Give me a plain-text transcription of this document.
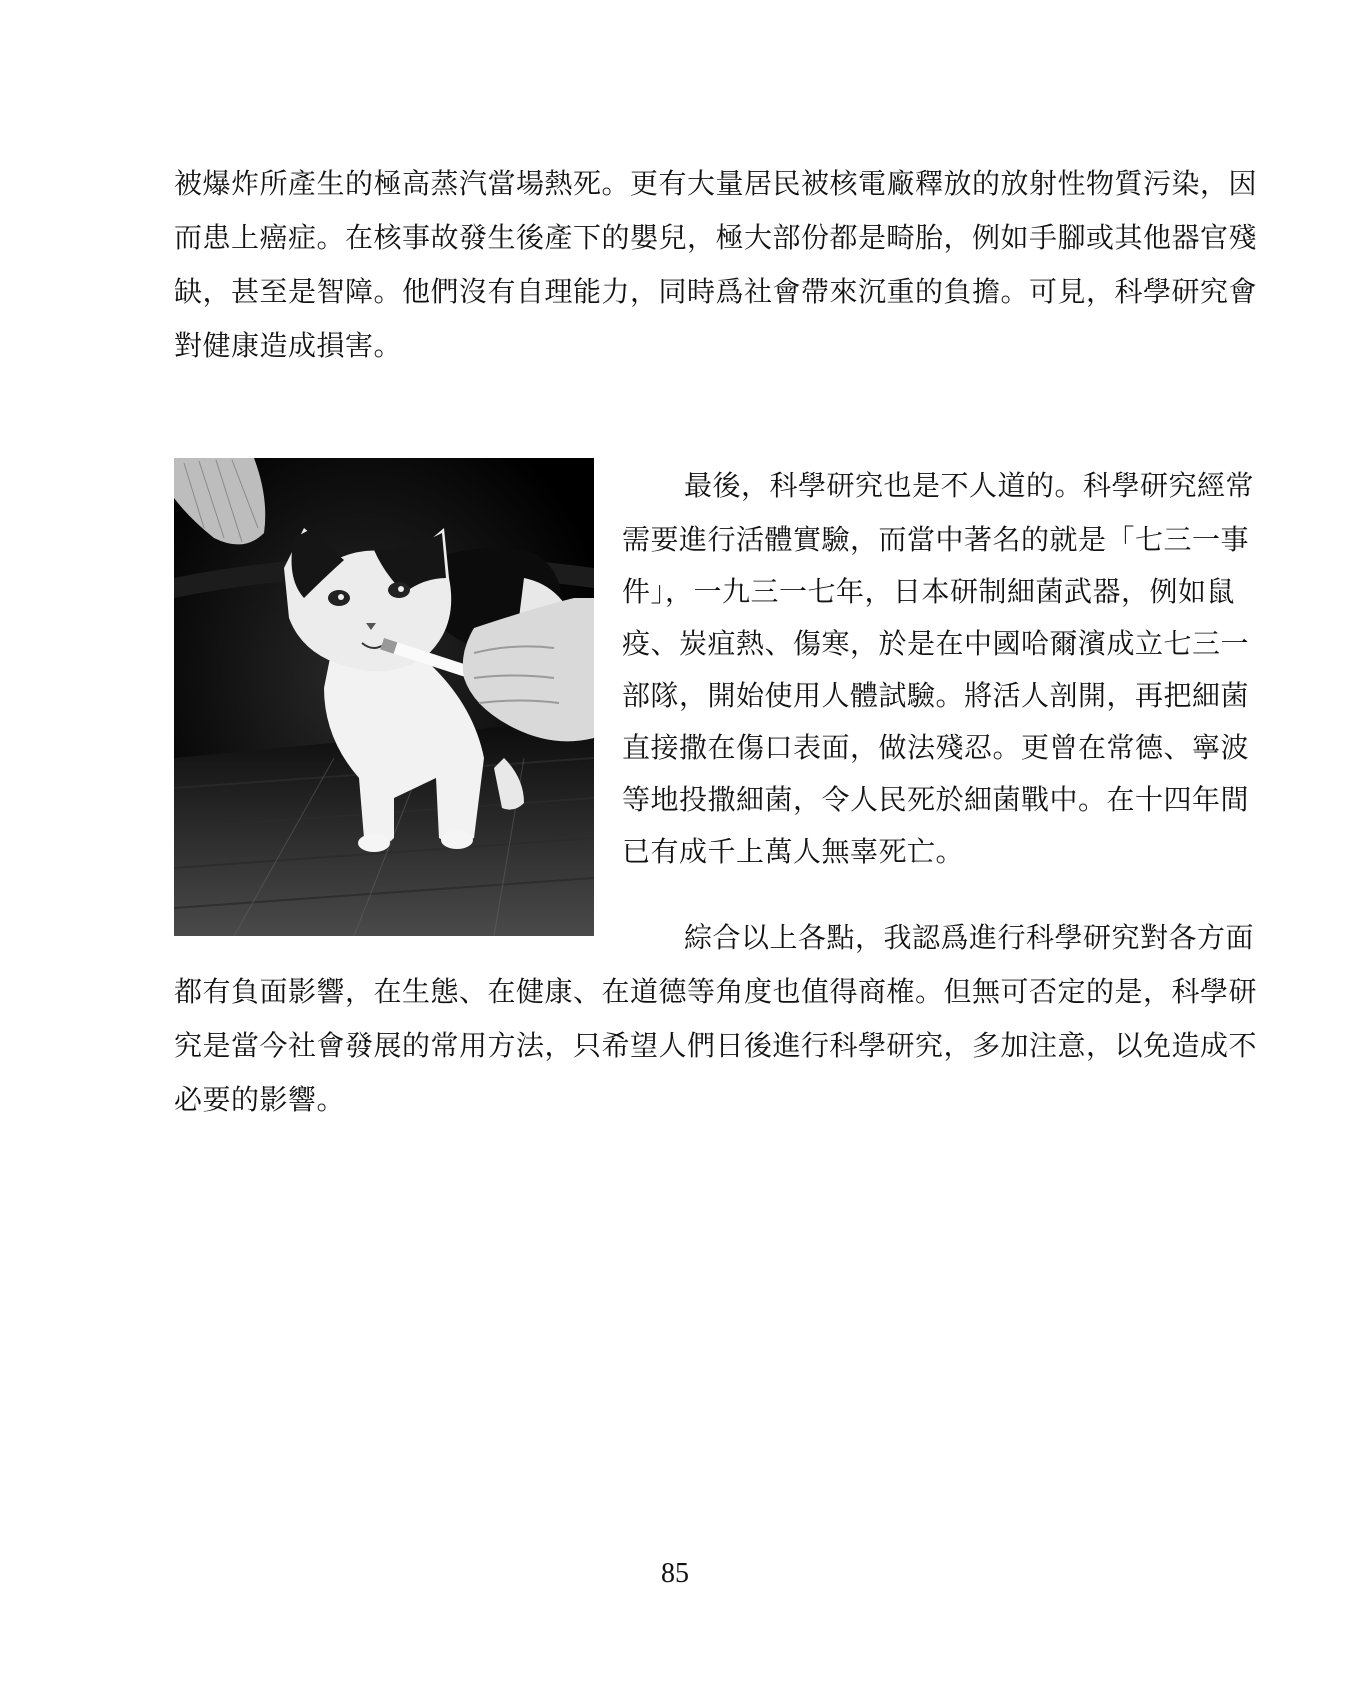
被爆炸所產生的極高蒸汽當場熱死。更有大量居民被核電廠釋放的放射性物質污染，因
而患上癌症。在核事故發生後產下的嬰兒，極大部份都是畸胎，例如手腳或其他器官殘
缺，甚至是智障。他們沒有自理能力，同時爲社會帶來沉重的負擔。可見，科學研究會
對健康造成損害。
最後，科學研究也是不人道的。科學研究經常
需要進行活體實驗，而當中著名的就是「七三一事
件」，一九三一七年，日本研制細菌武器，例如鼠
疫、炭疽熱、傷寒，於是在中國哈爾濱成立七三一
部隊，開始使用人體試驗。將活人剖開，再把細菌
直接撒在傷口表面，做法殘忍。更曾在常德、寧波
等地投撒細菌，令人民死於細菌戰中。在十四年間
已有成千上萬人無辜死亡。
綜合以上各點，我認爲進行科學研究對各方面
都有負面影響，在生態、在健康、在道德等角度也值得商榷。但無可否定的是，科學研
究是當今社會發展的常用方法，只希望人們日後進行科學研究，多加注意，以免造成不
必要的影響。
85
